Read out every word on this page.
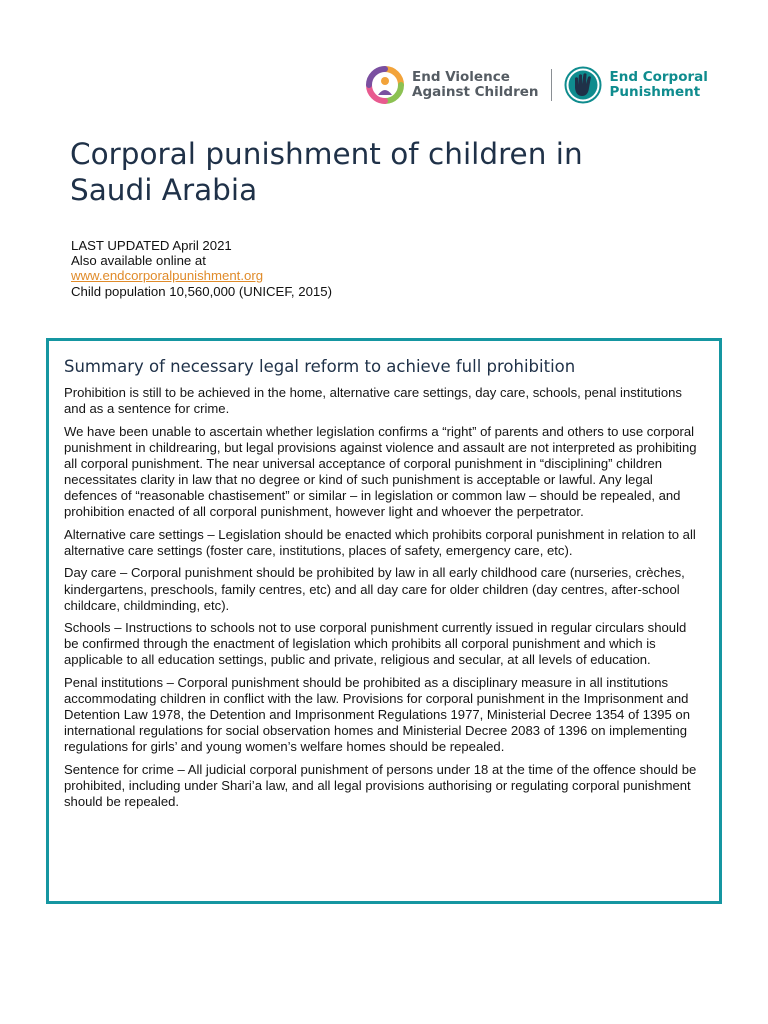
End Violence
Against Children
End Corporal
Punishment
Corporal punishment of children in
Saudi Arabia
LAST UPDATED April 2021
Also available online at
www.endcorporalpunishment.org
Child population 10,560,000 (UNICEF, 2015)
Summary of necessary legal reform to achieve full prohibition

Prohibition is still to be achieved in the home, alternative care settings, day care, schools, penal institutions and as a sentence for crime.

We have been unable to ascertain whether legislation confirms a “right” of parents and others to use corporal punishment in childrearing, but legal provisions against violence and assault are not interpreted as prohibiting all corporal punishment. The near universal acceptance of corporal punishment in “disciplining” children necessitates clarity in law that no degree or kind of such punishment is acceptable or lawful. Any legal defences of “reasonable chastisement” or similar – in legislation or common law – should be repealed, and prohibition enacted of all corporal punishment, however light and whoever the perpetrator.

Alternative care settings – Legislation should be enacted which prohibits corporal punishment in relation to all alternative care settings (foster care, institutions, places of safety, emergency care, etc).

Day care – Corporal punishment should be prohibited by law in all early childhood care (nurseries, crèches, kindergartens, preschools, family centres, etc) and all day care for older children (day centres, after-school childcare, childminding, etc).

Schools – Instructions to schools not to use corporal punishment currently issued in regular circulars should be confirmed through the enactment of legislation which prohibits all corporal punishment and which is applicable to all education settings, public and private, religious and secular, at all levels of education.

Penal institutions – Corporal punishment should be prohibited as a disciplinary measure in all institutions accommodating children in conflict with the law. Provisions for corporal punishment in the Imprisonment and Detention Law 1978, the Detention and Imprisonment Regulations 1977, Ministerial Decree 1354 of 1395 on international regulations for social observation homes and Ministerial Decree 2083 of 1396 on implementing regulations for girls’ and young women’s welfare homes should be repealed.

Sentence for crime – All judicial corporal punishment of persons under 18 at the time of the offence should be prohibited, including under Shari’a law, and all legal provisions authorising or regulating corporal punishment should be repealed.
